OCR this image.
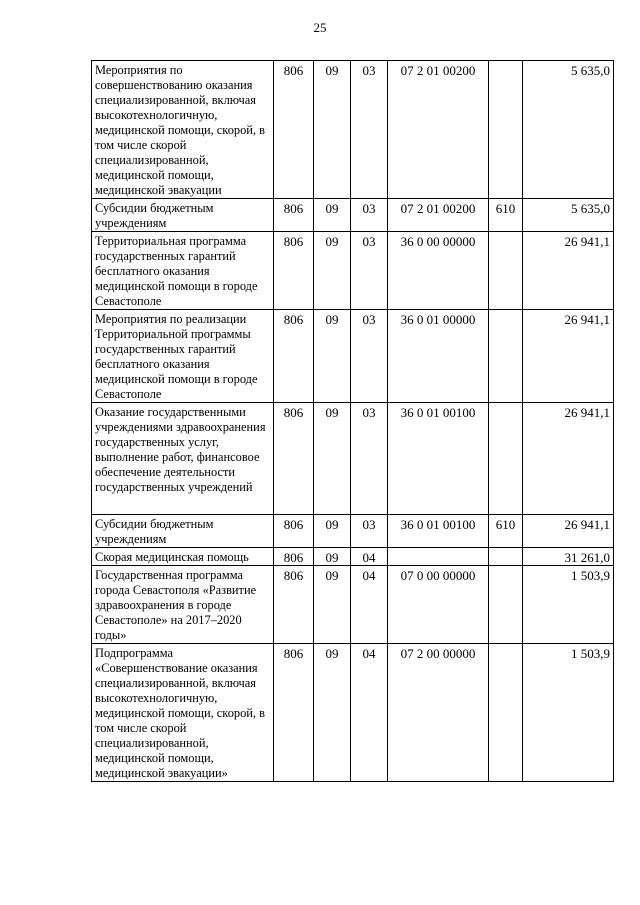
25
Мероприятия по совершенствованию оказания специализированной, включая высокотехнологичную, медицинской помощи, скорой, в том числе скорой специализированной, медицинской помощи, медицинской эвакуации	806	09	03	07 2 01 00200		5 635,0
Субсидии бюджетным учреждениям	806	09	03	07 2 01 00200	610	5 635,0
Территориальная программа государственных гарантий бесплатного оказания медицинской помощи в городе Севастополе	806	09	03	36 0 00 00000		26 941,1
Мероприятия по реализации Территориальной программы государственных гарантий бесплатного оказания медицинской помощи в городе Севастополе	806	09	03	36 0 01 00000		26 941,1
Оказание государственными учреждениями здравоохранения государственных услуг, выполнение работ, финансовое обеспечение деятельности государственных учреждений	806	09	03	36 0 01 00100		26 941,1
Субсидии бюджетным учреждениям	806	09	03	36 0 01 00100	610	26 941,1
Скорая медицинская помощь	806	09	04			31 261,0
Государственная программа города Севастополя «Развитие здравоохранения в городе Севастополе» на 2017–2020 годы»	806	09	04	07 0 00 00000		1 503,9
Подпрограмма «Совершенствование оказания специализированной, включая высокотехнологичную, медицинской помощи, скорой, в том числе скорой специализированной, медицинской помощи, медицинской эвакуации»	806	09	04	07 2 00 00000		1 503,9
